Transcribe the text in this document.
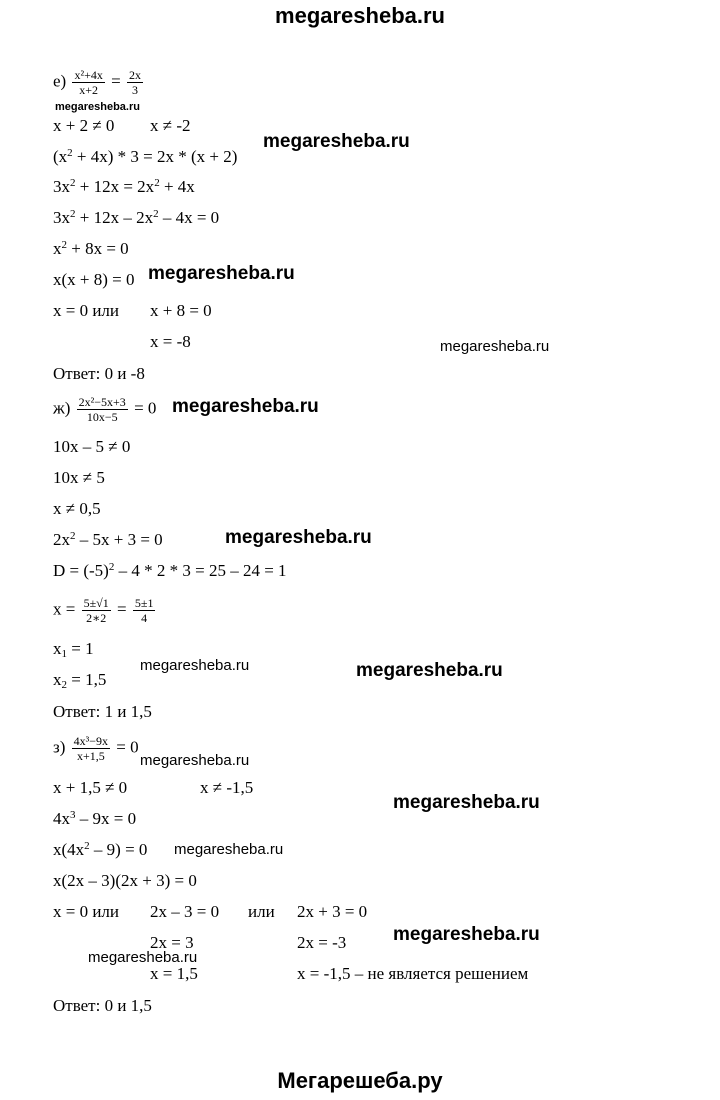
megaresheba.ru
Мегарешеба.ру
$е) \frac{\text{x²+4x}}{x+2} = \frac{2x}{3}$
megaresheba.ru
x + 2 ≠ 0 x ≠ -2
megaresheba.ru
$(x^2 + 4x) * 3 = 2x * (x + 2)$
$3x^2 + 12x = 2x^2 + 4x$
$3x^2 + 12x - 2x^2 - 4x = 0$
$x^2 + 8x = 0$
x(x + 8) = 0 megaresheba.ru
x = 0 или x + 8 = 0
x = -8	megaresheba.ru
Ответ: 0 и -8
$ж) \frac{\text{2x²−5x+3}}{10x-5} = 0$ megaresheba.ru
10x – 5 ≠ 0
10x ≠ 5
x ≠ 0,5
$2x^2 - 5x + 3 = 0$	megaresheba.ru
$D = (-5)^2 - 4 * 2 * 3 = 25 - 24 = 1$
$x = \frac{5\pm√1}{2∗2} = \frac{5\pm 1}{4}$
$x_1 = 1$
megaresheba.ru	megaresheba.ru
$x_2 = 1,5$
Ответ: 1 и 1,5
$з) \frac{\text{4x³−9x}}{x+1,5} = 0$
megaresheba.ru
x + 1,5 ≠ 0	x ≠ -1,5
megaresheba.ru
$4x^3 - 9x = 0$
$x(4x^2 - 9) = 0$ megaresheba.ru
x(2x – 3)(2x + 3) = 0
x = 0 или 2x – 3 = 0 или 2x + 3 = 0
2x = 3	2x = -3 megaresheba.ru
megaresheba.ru
x = 1,5	x = -1,5 – не является решением
Ответ: 0 и 1,5
